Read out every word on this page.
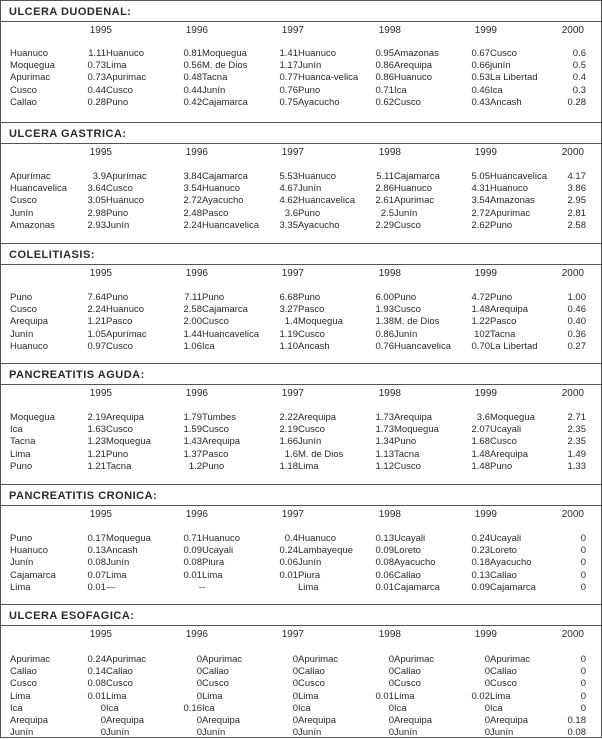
ULCERA DUODENAL:
1995	1996	1997	1998	1999	2000
Huanuco	1.11 Huanuco	0.81 Moquegua	1.41 Huanuco	0.95 Amazonas	0.67 Cusco	0.6
Moquegua	0.73 Lima	0.56 M. de Dios	1.17 Junín	0.86 Arequipa	0.66 junín	0.5
Apurimac	0.73 Apurimac	0.48 Tacna	0.77 Huanca-velica 0.86 Huanuco	0.53 La Libertad	0.4
Cusco	0.44 Cusco	0.44 Junín	0.76 Puno	0.71 Ica	0.46 Ica	0.3
Callao	0.28 Puno	0.42 Cajamarca	0.75 Ayacucho	0.62 Cusco	0.43 Ancash	0.28
ULCERA GASTRICA:
1995	1996	1997	1998	1999	2000
Apurímac	3.9 Apurímac	3.84 Cajamarca	5.53 Huanuco	5.11 Cajamarca	5.05 Huancavelica 4.17
Huancavelica 3.64 Cusco	3.54 Huanuco	4.67 Junín	2.86 Huanuco	4.31 Huanuco	3.86
Cusco	3.05 Huanuco	2.72 Ayacucho	4.62 Huancavelica 2.61 Apurimac	3.54 Amazonas	2.95
Junín	2.98 Puno	2.48 Pasco	3.6 Puno	2.5 Junín	2.72 Apurimac	2.81
Amazonas	2.93 Junín	2.24 Huancavelica 3.35 Ayacucho	2.29 Cusco	2.62 Puno	2.58
COLELITIASIS:
1995	1996	1997	1998	1999	2000
Puno	7.64 Puno	7.11 Puno	6.68 Puno	6.00 Puno	4.72 Puno	1.00
Cusco	2.24 Huanuco	2.58 Cajamarca	3.27 Pasco	1.93 Cusco	1.48 Arequipa	0.46
Arequipa	1.21 Pasco	2.00 Cusco	1.4 Moquegua	1.38 M. de Dios	1.22 Pasco	0.40
Junín	1.05 Apurímac	1.44 Huancavelica 1.19 Cusco	0.86 Junín	102 Tacna	0.36
Huanuco	0.97 Cusco	1.06 Ica	1.10 Ancash	0.76 Huancavelica 0.70 La Libertad	0.27
PANCREATITIS AGUDA:
1995	1996	1997	1998	1999	2000
Moquegua	2.19 Arequipa	1.79 Tumbes	2.22 Arequipa	1.73 Arequipa	3.6 Moquegua	2.71
Ica	1.63 Cusco	1.59 Cusco	2.19 Cusco	1.73 Moquegua	2.07 Ucayali	2.35
Tacna	1.23 Moquegua	1.43 Arequipa	1.66 Junín	1.34 Puno	1.68 Cusco	2.35
Lima	1.21 Puno	1.37 Pasco	1.6 M. de Dios	1.13 Tacna	1.48 Arequipa	1.49
Puno	1.21 Tacna	1.2 Puno	1.18 Lima	1.12 Cusco	1.48 Puno	1.33
PANCREATITIS CRONICA:
1995	1996	1997	1998	1999	2000
Puno	0.17 Moquegua	0.71 Huanuco	0.4 Huanuco	0.13 Ucayali	0.24 Ucayali	0
Huanuco	0.13 Ancash	0.09 Ucayali	0.24 Lambayeque 0.09 Loreto	0.23 Loreto	0
Junín	0.08 Junín	0.08 Piura	0.06 Junín	0.08 Ayacucho	0.18 Ayacucho	0
Cajamarca	0.07 Lima	0.01 Lima	0.01 Piura	0.06 Callao	0.13 Callao	0
Lima	0.01 —	- -	Lima	0.01 Cajamarca	0.09 Cajamarca	0
ULCERA ESOFAGICA:
1995	1996	1997	1998	1999	2000
Apurimac	0.24 Apurimac	0 Apurimac	0 Apurimac	0 Apurimac	0 Apurimac	0
Callao	0.14 Callao	0 Callao	0 Callao	0 Callao	0 Callao	0
Cusco	0.08 Cusco	0 Cusco	0 Cusco	0 Cusco	0 Cusco	0
Lima	0.01 Lima	0 Lima	0 Lima	0.01 Lima	0.02 Lima	0
Ica	0 Ica	0.16 Ica	0 Ica	0 Ica	0 Ica	0
Arequipa	0 Arequipa	0 Arequipa	0 Arequipa	0 Arequipa	0 Arequipa	0.18
Junín	0 Junín	0 Junín	0 Junín	0 Junín	0 Junín	0.08
